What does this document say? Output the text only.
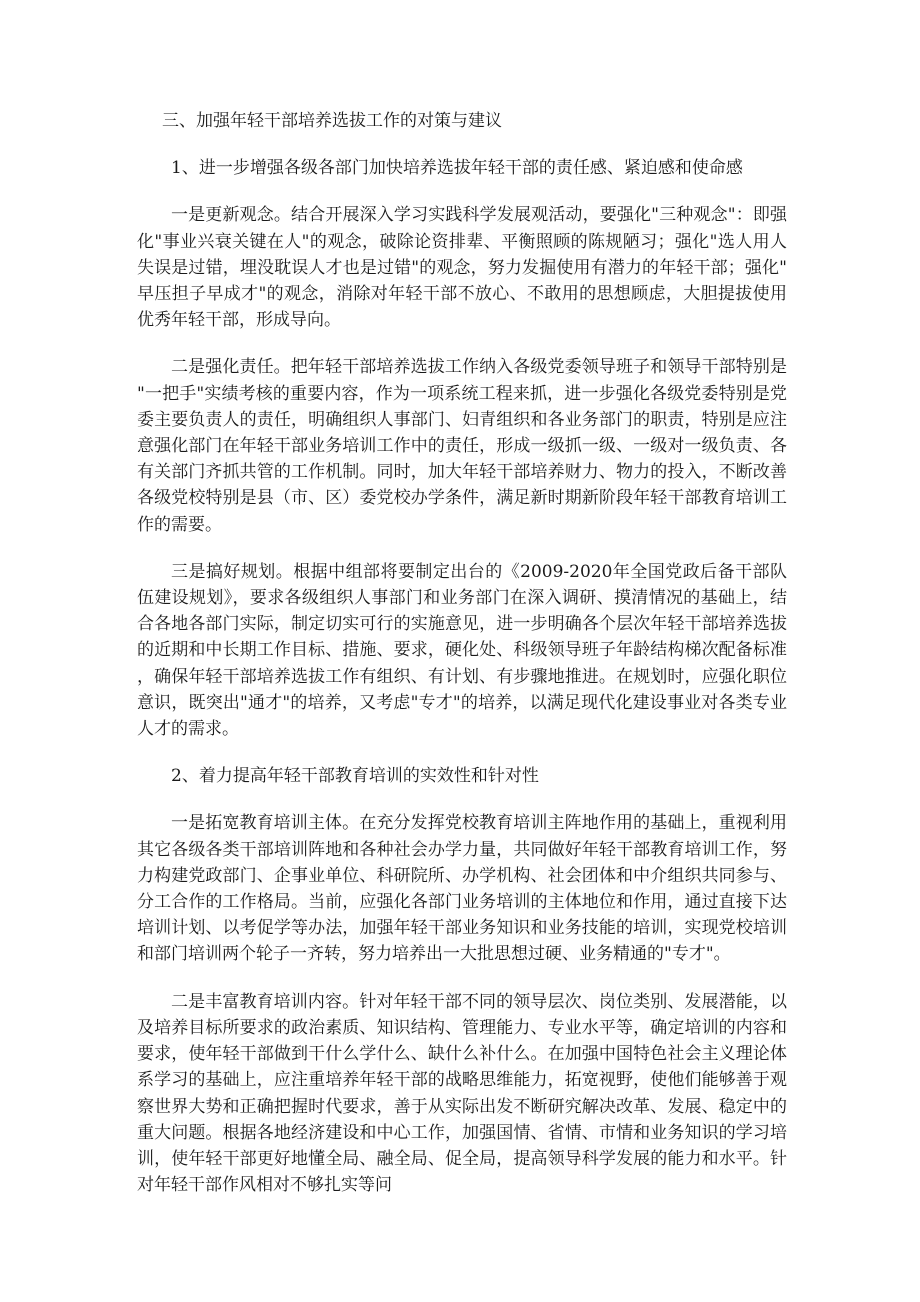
三、加强年轻干部培养选拔工作的对策与建议
1、进一步增强各级各部门加快培养选拔年轻干部的责任感、紧迫感和使命感
一是更新观念。结合开展深入学习实践科学发展观活动，要强化"三种观念"：即强化"事业兴衰关键在人"的观念，破除论资排辈、平衡照顾的陈规陋习；强化"选人用人失误是过错，埋没耽误人才也是过错"的观念，努力发掘使用有潜力的年轻干部；强化"早压担子早成才"的观念，消除对年轻干部不放心、不敢用的思想顾虑，大胆提拔使用优秀年轻干部，形成导向。
二是强化责任。把年轻干部培养选拔工作纳入各级党委领导班子和领导干部特别是"一把手"实绩考核的重要内容，作为一项系统工程来抓，进一步强化各级党委特别是党委主要负责人的责任，明确组织人事部门、妇青组织和各业务部门的职责，特别是应注意强化部门在年轻干部业务培训工作中的责任，形成一级抓一级、一级对一级负责、各有关部门齐抓共管的工作机制。同时，加大年轻干部培养财力、物力的投入，不断改善各级党校特别是县（市、区）委党校办学条件，满足新时期新阶段年轻干部教育培训工作的需要。
三是搞好规划。根据中组部将要制定出台的《2009-2020年全国党政后备干部队伍建设规划》，要求各级组织人事部门和业务部门在深入调研、摸清情况的基础上，结合各地各部门实际，制定切实可行的实施意见，进一步明确各个层次年轻干部培养选拔的近期和中长期工作目标、措施、要求，硬化处、科级领导班子年龄结构梯次配备标准，确保年轻干部培养选拔工作有组织、有计划、有步骤地推进。在规划时，应强化职位意识，既突出"通才"的培养，又考虑"专才"的培养，以满足现代化建设事业对各类专业人才的需求。
2、着力提高年轻干部教育培训的实效性和针对性
一是拓宽教育培训主体。在充分发挥党校教育培训主阵地作用的基础上，重视利用其它各级各类干部培训阵地和各种社会办学力量，共同做好年轻干部教育培训工作，努力构建党政部门、企事业单位、科研院所、办学机构、社会团体和中介组织共同参与、分工合作的工作格局。当前，应强化各部门业务培训的主体地位和作用，通过直接下达培训计划、以考促学等办法，加强年轻干部业务知识和业务技能的培训，实现党校培训和部门培训两个轮子一齐转，努力培养出一大批思想过硬、业务精通的"专才"。
二是丰富教育培训内容。针对年轻干部不同的领导层次、岗位类别、发展潜能，以及培养目标所要求的政治素质、知识结构、管理能力、专业水平等，确定培训的内容和要求，使年轻干部做到干什么学什么、缺什么补什么。在加强中国特色社会主义理论体系学习的基础上，应注重培养年轻干部的战略思维能力，拓宽视野，使他们能够善于观察世界大势和正确把握时代要求，善于从实际出发不断研究解决改革、发展、稳定中的重大问题。根据各地经济建设和中心工作，加强国情、省情、市情和业务知识的学习培训，使年轻干部更好地懂全局、融全局、促全局，提高领导科学发展的能力和水平。针对年轻干部作风相对不够扎实等问
